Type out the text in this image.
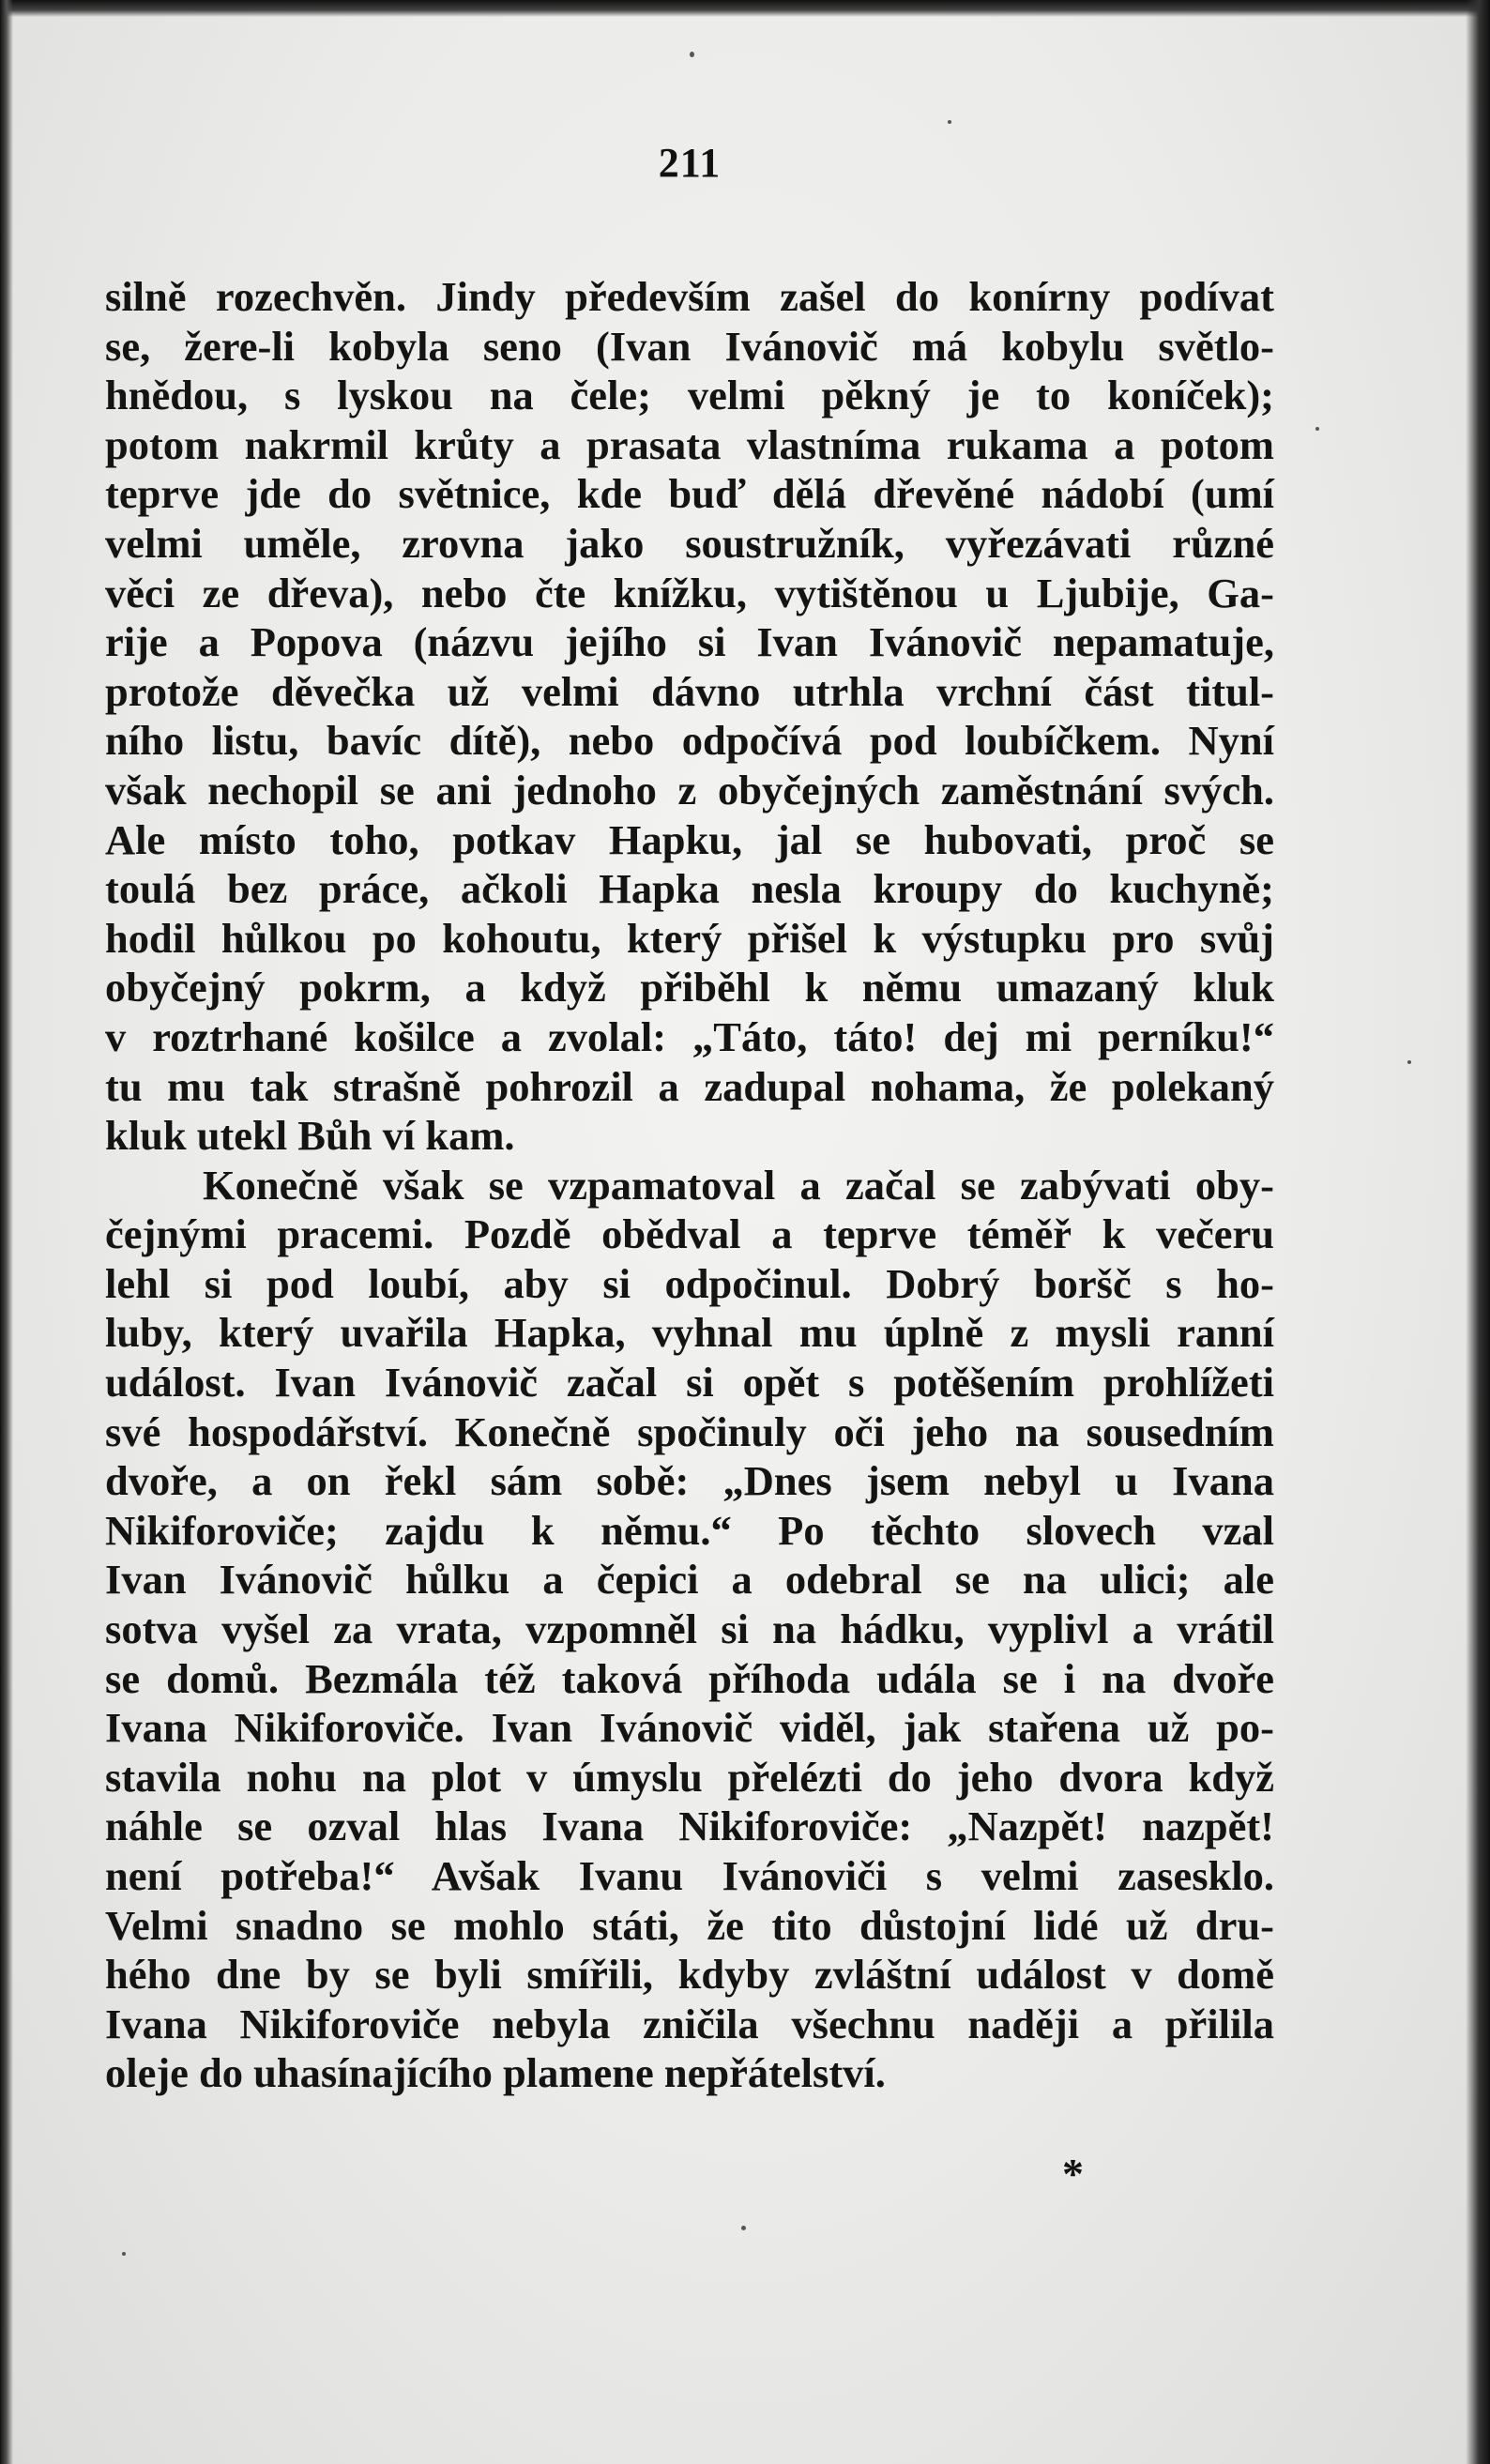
211
silně rozechvěn. Jindy především zašel do konírny podívat
se, žere-li kobyla seno (Ivan Ivánovič má kobylu světlo-
hnědou, s lyskou na čele; velmi pěkný je to koníček);
potom nakrmil krůty a prasata vlastníma rukama a potom
teprve jde do světnice, kde buď dělá dřevěné nádobí (umí
velmi uměle, zrovna jako soustružník, vyřezávati různé
věci ze dřeva), nebo čte knížku, vytištěnou u Ljubije, Ga-
rije a Popova (názvu jejího si Ivan Ivánovič nepamatuje,
protože děvečka už velmi dávno utrhla vrchní část titul-
ního listu, bavíc dítě), nebo odpočívá pod loubíčkem. Nyní
však nechopil se ani jednoho z obyčejných zaměstnání svých.
Ale místo toho, potkav Hapku, jal se hubovati, proč se
toulá bez práce, ačkoli Hapka nesla kroupy do kuchyně;
hodil hůlkou po kohoutu, který přišel k výstupku pro svůj
obyčejný pokrm, a když přiběhl k němu umazaný kluk
v roztrhané košilce a zvolal: „Táto, táto! dej mi perníku!“
tu mu tak strašně pohrozil a zadupal nohama, že polekaný
kluk utekl Bůh ví kam.
Konečně však se vzpamatoval a začal se zabývati oby-
čejnými pracemi. Pozdě obědval a teprve téměř k večeru
lehl si pod loubí, aby si odpočinul. Dobrý boršč s ho-
luby, který uvařila Hapka, vyhnal mu úplně z mysli ranní
událost. Ivan Ivánovič začal si opět s potěšením prohlížeti
své hospodářství. Konečně spočinuly oči jeho na sousedním
dvoře, a on řekl sám sobě: „Dnes jsem nebyl u Ivana
Nikiforoviče; zajdu k němu.“ Po těchto slovech vzal
Ivan Ivánovič hůlku a čepici a odebral se na ulici; ale
sotva vyšel za vrata, vzpomněl si na hádku, vyplivl a vrátil
se domů. Bezmála též taková příhoda udála se i na dvoře
Ivana Nikiforoviče. Ivan Ivánovič viděl, jak stařena už po-
stavila nohu na plot v úmyslu přelézti do jeho dvora když
náhle se ozval hlas Ivana Nikiforoviče: „Nazpět! nazpět!
není potřeba!“ Avšak Ivanu Ivánoviči s velmi zasesklo.
Velmi snadno se mohlo státi, že tito důstojní lidé už dru-
hého dne by se byli smířili, kdyby zvláštní událost v domě
Ivana Nikiforoviče nebyla zničila všechnu naději a přilila
oleje do uhasínajícího plamene nepřátelství.
*
